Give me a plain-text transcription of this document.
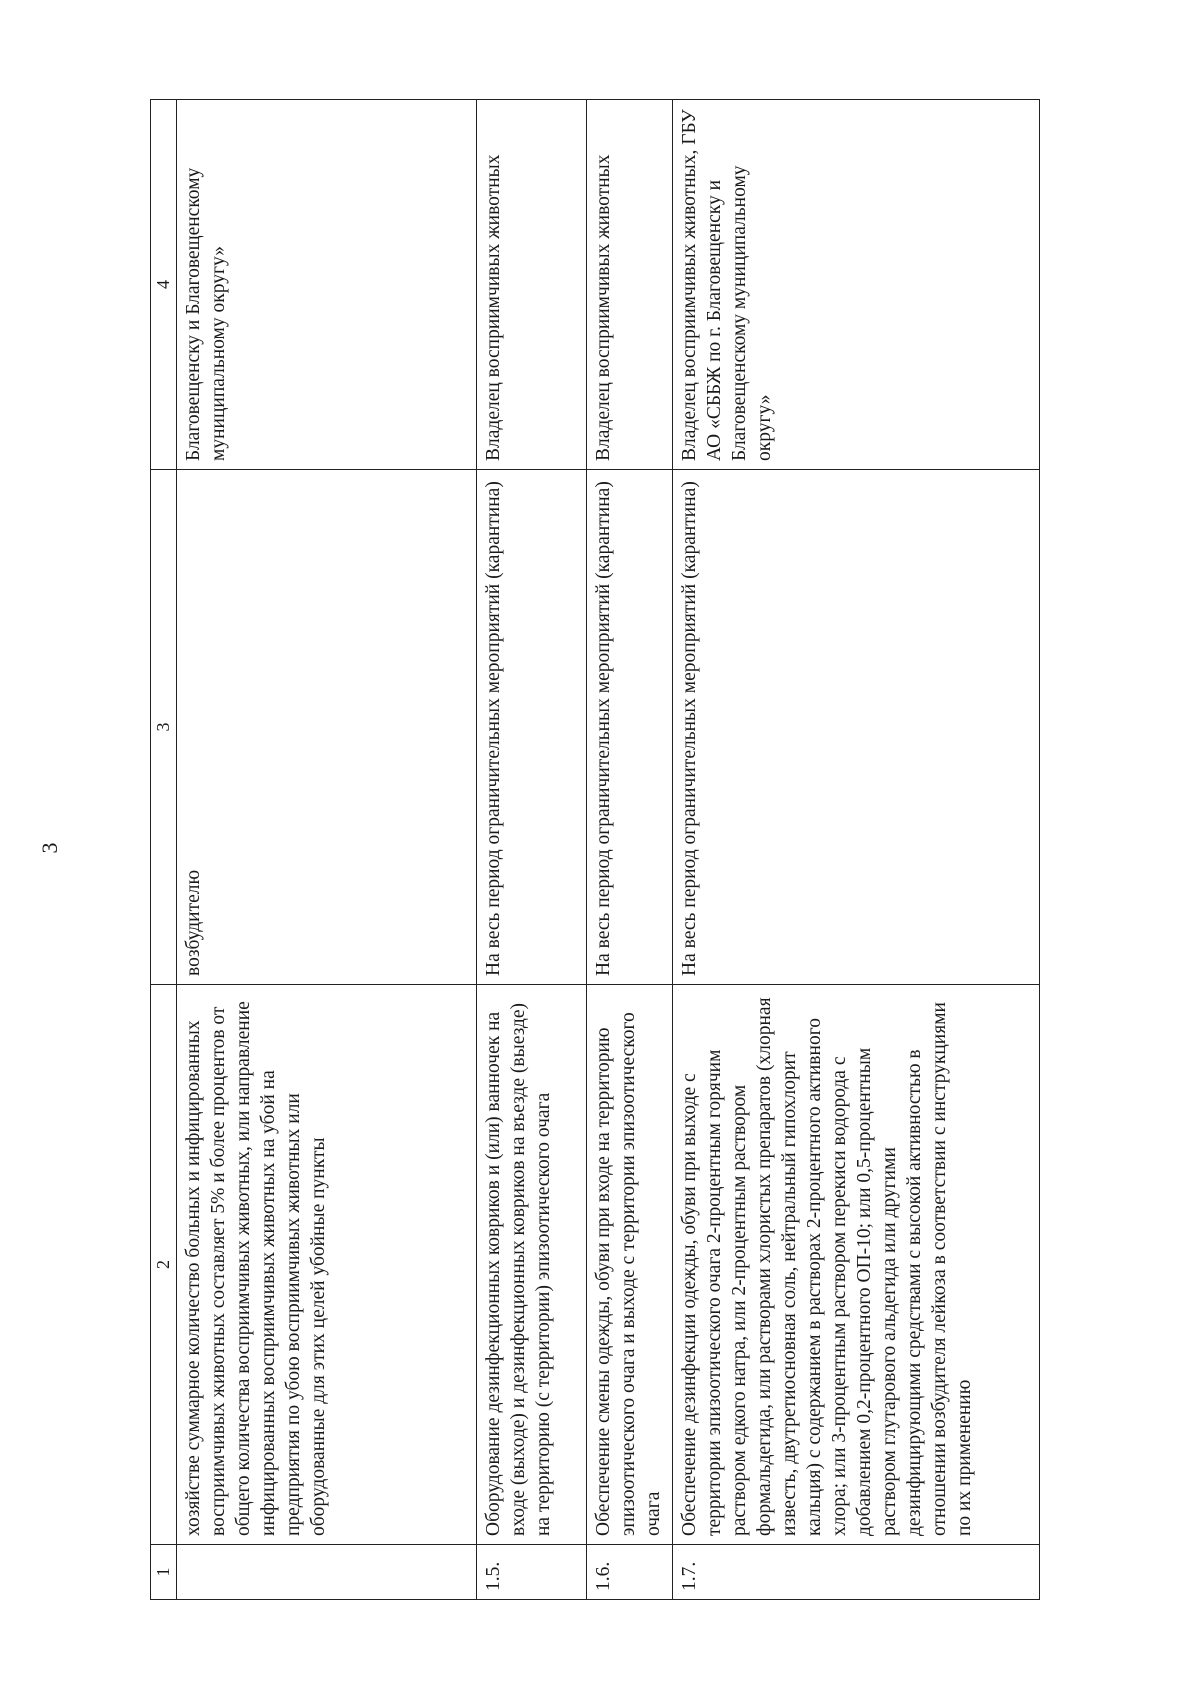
3
1	2	3	4
	хозяйстве суммарное количество больных и инфицированных восприимчивых животных составляет 5% и более процентов от общего количества восприимчивых животных, или направление инфицированных восприимчивых животных на убой на предприятия по убою восприимчивых животных или оборудованные для этих целей убойные пункты	возбудителю	Благовещенску и Благовещенскому муниципальному округу»
1.5.	Оборудование дезинфекционных ковриков и (или) ванночек на входе (выходе) и дезинфекционных ковриков на въезде (выезде) на территорию (с территории) эпизоотического очага	На весь период ограничительных мероприятий (карантина)	Владелец восприимчивых животных
1.6.	Обеспечение смены одежды, обуви при входе на территорию эпизоотического очага и выходе с территории эпизоотического очага	На весь период ограничительных мероприятий (карантина)	Владелец восприимчивых животных
1.7.	Обеспечение дезинфекции одежды, обуви при выходе с территории эпизоотического очага 2-процентным горячим раствором едкого натра, или 2-процентным раствором формальдегида, или растворами хлористых препаратов (хлорная известь, двутретиосновная соль, нейтральный гипохлорит кальция) с содержанием в растворах 2-процентного активного хлора; или 3-процентным раствором перекиси водорода с добавлением 0,2-процентного ОП-10; или 0,5-процентным раствором глутарового альдегида или другими дезинфицирующими средствами с высокой активностью в отношении возбудителя лейкоза в соответствии с инструкциями по их применению	На весь период ограничительных мероприятий (карантина)	Владелец восприимчивых животных, ГБУ АО «СББЖ по г. Благовещенску и Благовещенскому муниципальному округу»
